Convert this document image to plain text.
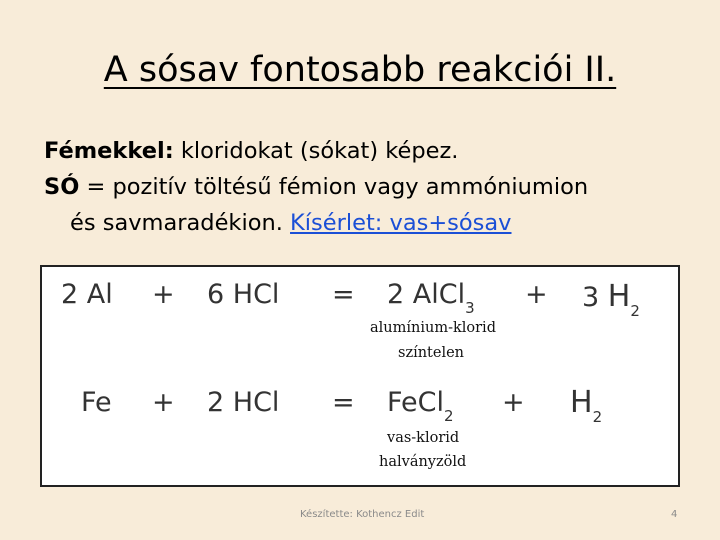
A sósav fontosabb reakciói II.

Fémekkel: kloridokat (sókat) képez.

SÓ = pozitív töltésű fémion vagy ammóniumion

és savmaradékion. Kísérlet: vas+sósav

2 Al + 6 HCl = 2 AlCl$_3$ + 3 $H_2$
alumínium-klorid
színtelen
Fe + 2 HCl = FeCl$_2$ + $H_2$
vas-klorid
halványzöld
Készítette: Kothencz Edit	4
